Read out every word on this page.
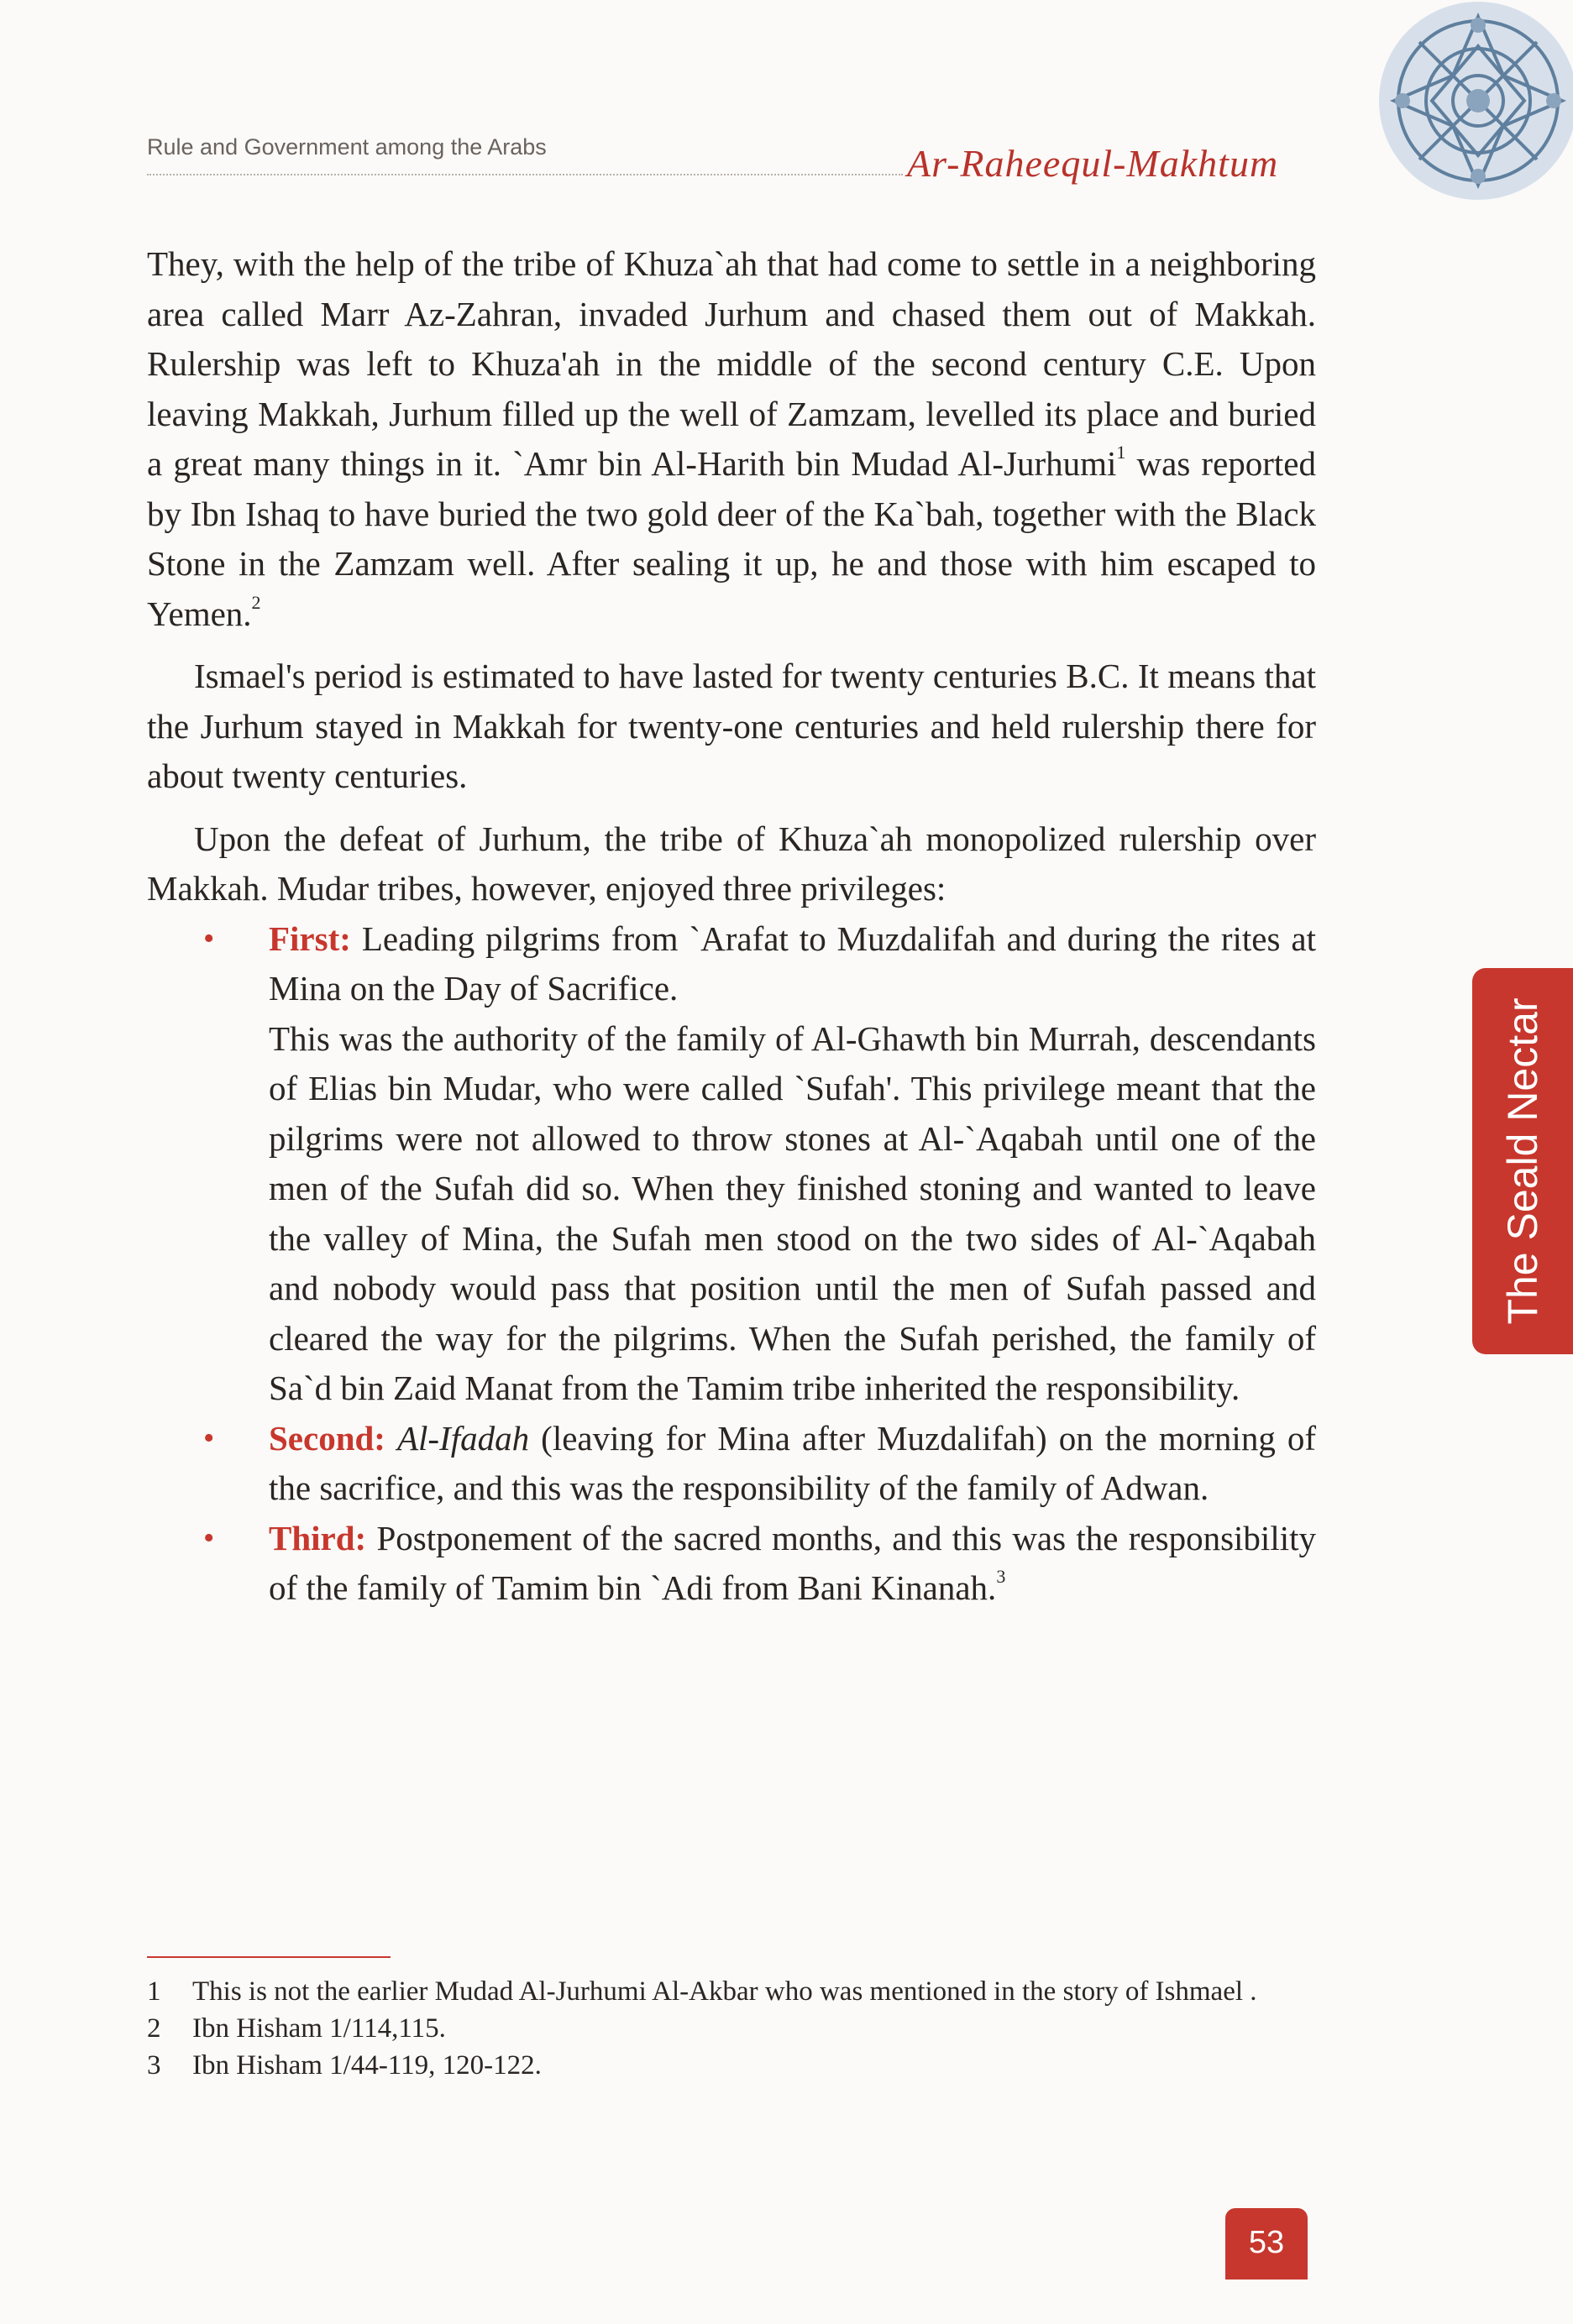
Rule and Government among the Arabs	Ar-Raheequl-Makhtum
The Seald Nectar

They, with the help of the tribe of Khuza`ah that had come to settle in a neighboring area called Marr Az-Zahran, invaded Jurhum and chased them out of Makkah. Rulership was left to Khuza'ah in the middle of the second century C.E. Upon leaving Makkah, Jurhum filled up the well of Zamzam, levelled its place and buried a great many things in it. `Amr bin Al-Harith bin Mudad Al-Jurhumi$^1$ was reported by Ibn Ishaq to have buried the two gold deer of the Ka`bah, together with the Black Stone in the Zamzam well. After sealing it up, he and those with him escaped to Yemen.$^2$

Ismael's period is estimated to have lasted for twenty centuries B.C. It means that the Jurhum stayed in Makkah for twenty-one centuries and held rulership there for about twenty centuries.

Upon the defeat of Jurhum, the tribe of Khuza`ah monopolized rulership over Makkah. Mudar tribes, however, enjoyed three privileges:

• First: Leading pilgrims from `Arafat to Muzdalifah and during the rites at Mina on the Day of Sacrifice.
This was the authority of the family of Al-Ghawth bin Murrah, descendants of Elias bin Mudar, who were called `Sufah'. This privilege meant that the pilgrims were not allowed to throw stones at Al-`Aqabah until one of the men of the Sufah did so. When they finished stoning and wanted to leave the valley of Mina, the Sufah men stood on the two sides of Al-`Aqabah and nobody would pass that position until the men of Sufah passed and cleared the way for the pilgrims. When the Sufah perished, the family of Sa`d bin Zaid Manat from the Tamim tribe inherited the responsibility.
• Second: Al-Ifadah (leaving for Mina after Muzdalifah) on the morning of the sacrifice, and this was the responsibility of the family of Adwan.
• Third: Postponement of the sacred months, and this was the responsibility of the family of Tamim bin `Adi from Bani Kinanah.$^3$
1 This is not the earlier Mudad Al-Jurhumi Al-Akbar who was mentioned in the story of Ishmael .
2 Ibn Hisham 1/114,115.
3 Ibn Hisham 1/44-119, 120-122.
53
